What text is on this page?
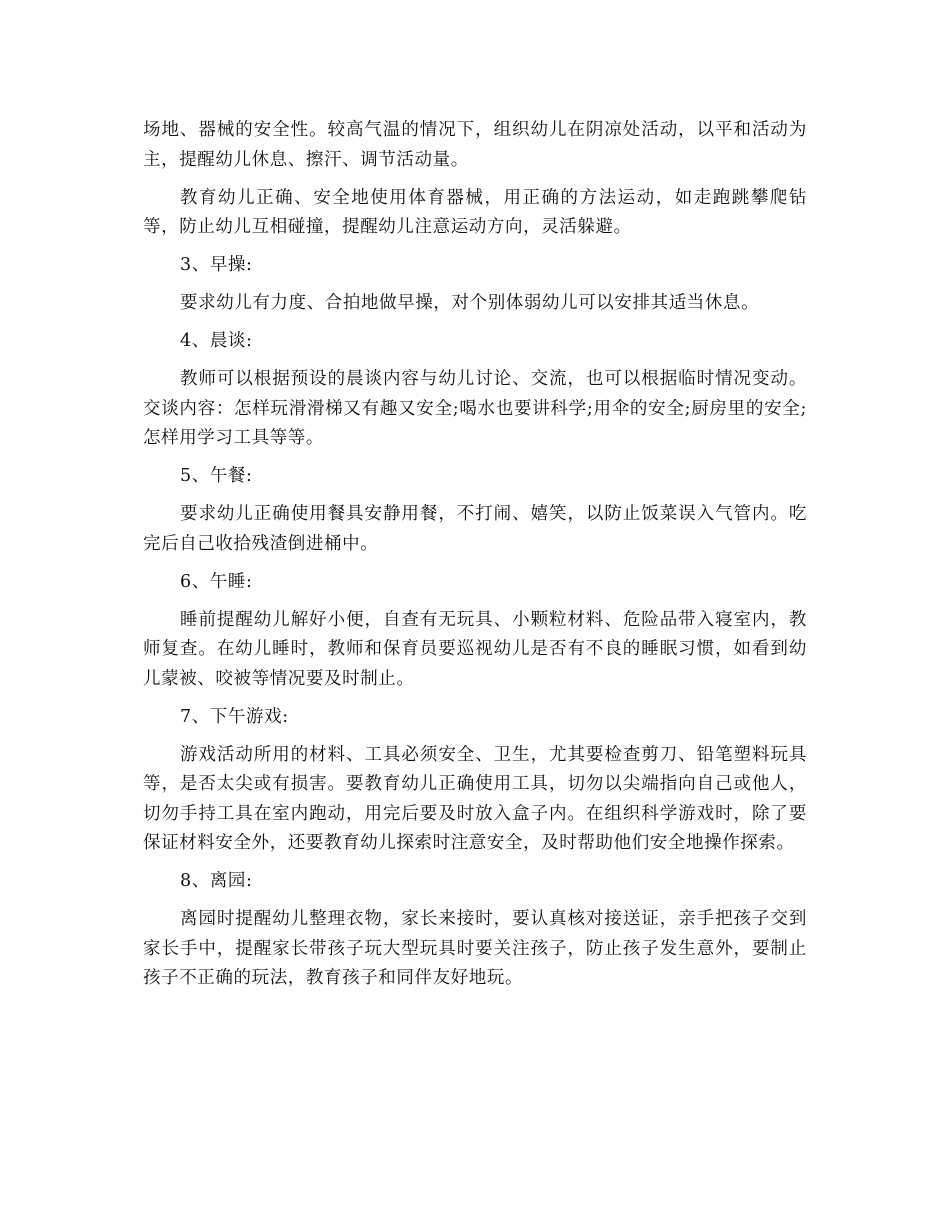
场地、器械的安全性。较高气温的情况下，组织幼儿在阴凉处活动，以平和活动为主，提醒幼儿休息、擦汗、调节活动量。

教育幼儿正确、安全地使用体育器械，用正确的方法运动，如走跑跳攀爬钻等，防止幼儿互相碰撞，提醒幼儿注意运动方向，灵活躲避。

3、早操:

要求幼儿有力度、合拍地做早操，对个别体弱幼儿可以安排其适当休息。

4、晨谈:

教师可以根据预设的晨谈内容与幼儿讨论、交流，也可以根据临时情况变动。交谈内容：怎样玩滑滑梯又有趣又安全;喝水也要讲科学;用伞的安全;厨房里的安全;怎样用学习工具等等。

5、午餐:

要求幼儿正确使用餐具安静用餐，不打闹、嬉笑，以防止饭菜误入气管内。吃完后自己收拾残渣倒进桶中。

6、午睡:

睡前提醒幼儿解好小便，自查有无玩具、小颗粒材料、危险品带入寝室内，教师复查。在幼儿睡时，教师和保育员要巡视幼儿是否有不良的睡眠习惯，如看到幼儿蒙被、咬被等情况要及时制止。

7、下午游戏:

游戏活动所用的材料、工具必须安全、卫生，尤其要检查剪刀、铅笔塑料玩具等，是否太尖或有损害。要教育幼儿正确使用工具，切勿以尖端指向自己或他人，切勿手持工具在室内跑动，用完后要及时放入盒子内。在组织科学游戏时，除了要保证材料安全外，还要教育幼儿探索时注意安全，及时帮助他们安全地操作探索。

8、离园:

离园时提醒幼儿整理衣物，家长来接时，要认真核对接送证，亲手把孩子交到家长手中，提醒家长带孩子玩大型玩具时要关注孩子，防止孩子发生意外，要制止孩子不正确的玩法，教育孩子和同伴友好地玩。
